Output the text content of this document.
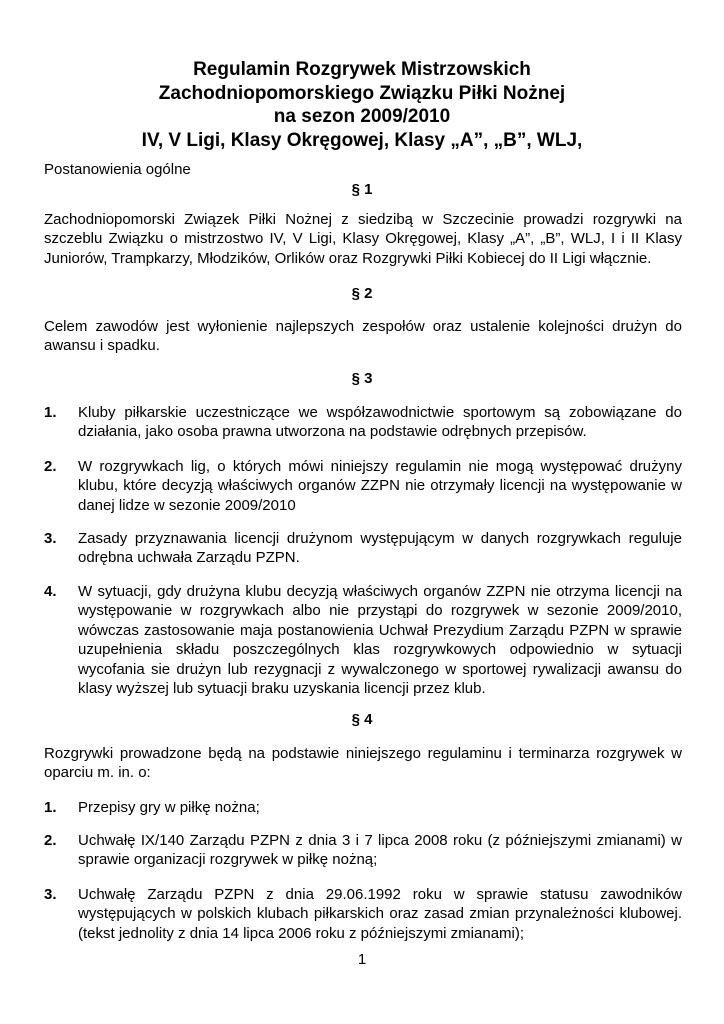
Regulamin Rozgrywek Mistrzowskich
Zachodniopomorskiego Związku Piłki Nożnej
na sezon 2009/2010
IV, V Ligi, Klasy Okręgowej, Klasy „A”, „B”, WLJ,
Postanowienia ogólne
§ 1
Zachodniopomorski Związek Piłki Nożnej z siedzibą w Szczecinie prowadzi rozgrywki na szczeblu Związku o mistrzostwo IV, V Ligi, Klasy Okręgowej, Klasy „A”, „B”, WLJ, I i II Klasy Juniorów, Trampkarzy, Młodzików, Orlików oraz Rozgrywki Piłki Kobiecej do II Ligi włącznie.
§ 2
Celem zawodów jest wyłonienie najlepszych zespołów oraz ustalenie kolejności drużyn do awansu i spadku.
§ 3
1. Kluby piłkarskie uczestniczące we współzawodnictwie sportowym są zobowiązane do działania, jako osoba prawna utworzona na podstawie odrębnych przepisów.
2. W rozgrywkach lig, o których mówi niniejszy regulamin nie mogą występować drużyny klubu, które decyzją właściwych organów ZZPN nie otrzymały licencji na występowanie w danej lidze w sezonie 2009/2010
3. Zasady przyznawania licencji drużynom występującym w danych rozgrywkach reguluje odrębna uchwała Zarządu PZPN.
4. W sytuacji, gdy drużyna klubu decyzją właściwych organów ZZPN nie otrzyma licencji na występowanie w rozgrywkach albo nie przystąpi do rozgrywek w sezonie 2009/2010, wówczas zastosowanie maja postanowienia Uchwał Prezydium Zarządu PZPN w sprawie uzupełnienia składu poszczególnych klas rozgrywkowych odpowiednio w sytuacji wycofania sie drużyn lub rezygnacji z wywalczonego w sportowej rywalizacji awansu do klasy wyższej lub sytuacji braku uzyskania licencji przez klub.
§ 4
Rozgrywki prowadzone będą na podstawie niniejszego regulaminu i terminarza rozgrywek w oparciu m. in. o:
1. Przepisy gry w piłkę nożna;
2. Uchwałę IX/140 Zarządu PZPN z dnia 3 i 7 lipca 2008 roku (z późniejszymi zmianami) w sprawie organizacji rozgrywek w piłkę nożną;
3. Uchwałę Zarządu PZPN z dnia 29.06.1992 roku w sprawie statusu zawodników występujących w polskich klubach piłkarskich oraz zasad zmian przynależności klubowej.(tekst jednolity z dnia 14 lipca 2006 roku z późniejszymi zmianami);
1
